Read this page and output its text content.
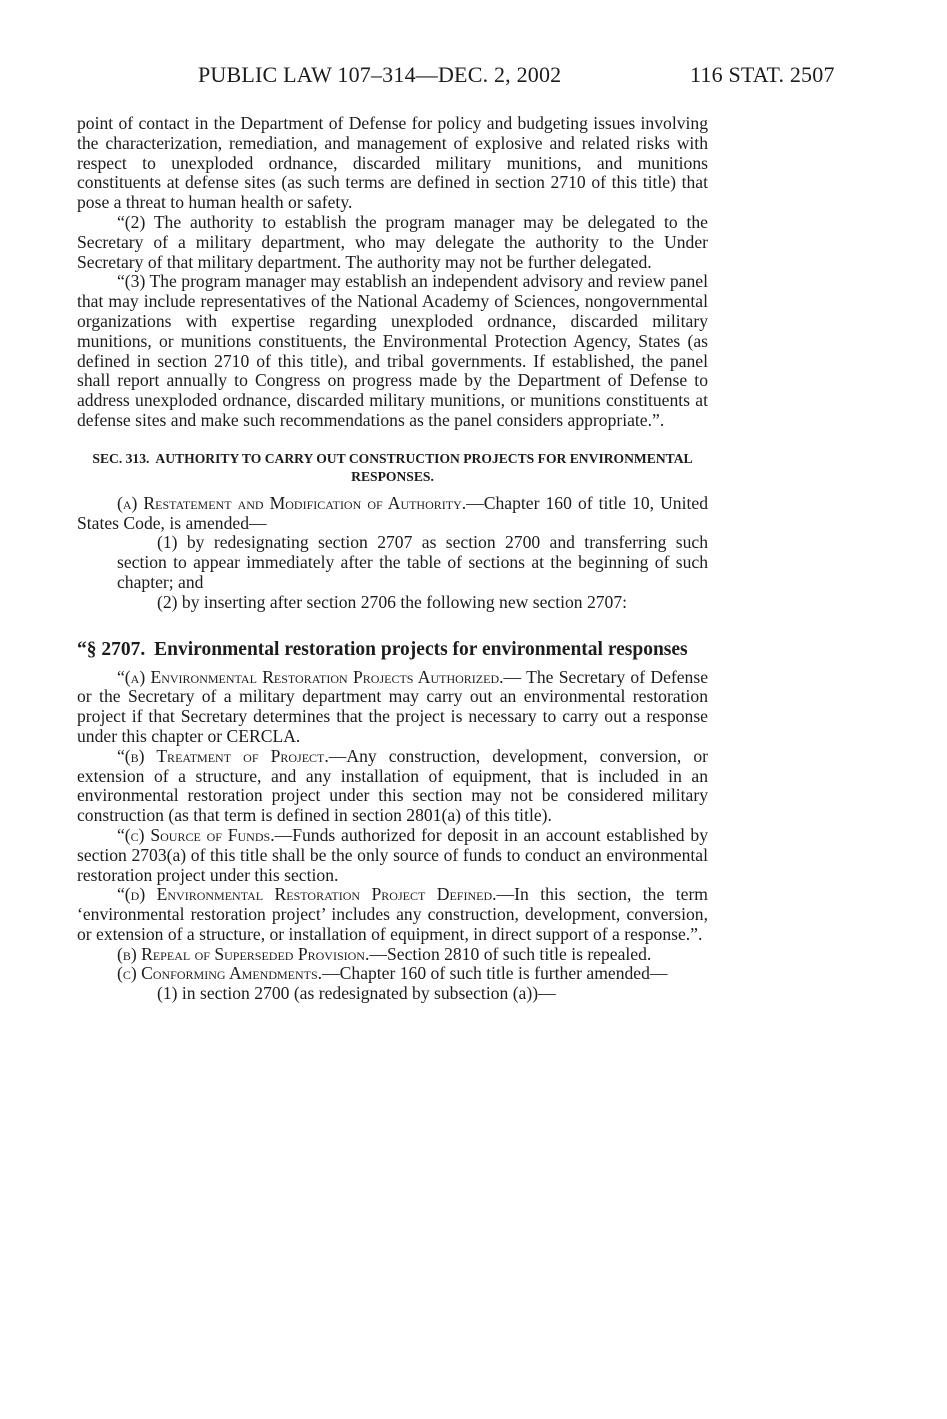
PUBLIC LAW 107–314—DEC. 2, 2002	116 STAT. 2507

point of contact in the Department of Defense for policy and budgeting issues involving the characterization, remediation, and management of explosive and related risks with respect to unexploded ordnance, discarded military munitions, and munitions constituents at defense sites (as such terms are defined in section 2710 of this title) that pose a threat to human health or safety.

“(2) The authority to establish the program manager may be delegated to the Secretary of a military department, who may delegate the authority to the Under Secretary of that military department. The authority may not be further delegated.

“(3) The program manager may establish an independent advisory and review panel that may include representatives of the National Academy of Sciences, nongovernmental organizations with expertise regarding unexploded ordnance, discarded military munitions, or munitions constituents, the Environmental Protection Agency, States (as defined in section 2710 of this title), and tribal governments. If established, the panel shall report annually to Congress on progress made by the Department of Defense to address unexploded ordnance, discarded military munitions, or munitions constituents at defense sites and make such recommendations as the panel considers appropriate.”.

SEC. 313. AUTHORITY TO CARRY OUT CONSTRUCTION PROJECTS FOR ENVIRONMENTAL RESPONSES.

(a) Restatement and Modification of Authority.—Chapter 160 of title 10, United States Code, is amended—

(1) by redesignating section 2707 as section 2700 and transferring such section to appear immediately after the table of sections at the beginning of such chapter; and

(2) by inserting after section 2706 the following new section 2707:

“§ 2707. Environmental restoration projects for environmental responses

“(a) Environmental Restoration Projects Authorized.— The Secretary of Defense or the Secretary of a military department may carry out an environmental restoration project if that Secretary determines that the project is necessary to carry out a response under this chapter or CERCLA.

“(b) Treatment of Project.—Any construction, development, conversion, or extension of a structure, and any installation of equipment, that is included in an environmental restoration project under this section may not be considered military construction (as that term is defined in section 2801(a) of this title).

“(c) Source of Funds.—Funds authorized for deposit in an account established by section 2703(a) of this title shall be the only source of funds to conduct an environmental restoration project under this section.

“(d) Environmental Restoration Project Defined.—In this section, the term ‘environmental restoration project’ includes any construction, development, conversion, or extension of a structure, or installation of equipment, in direct support of a response.”.

(b) Repeal of Superseded Provision.—Section 2810 of such title is repealed.

(c) Conforming Amendments.—Chapter 160 of such title is further amended—

(1) in section 2700 (as redesignated by subsection (a))—
